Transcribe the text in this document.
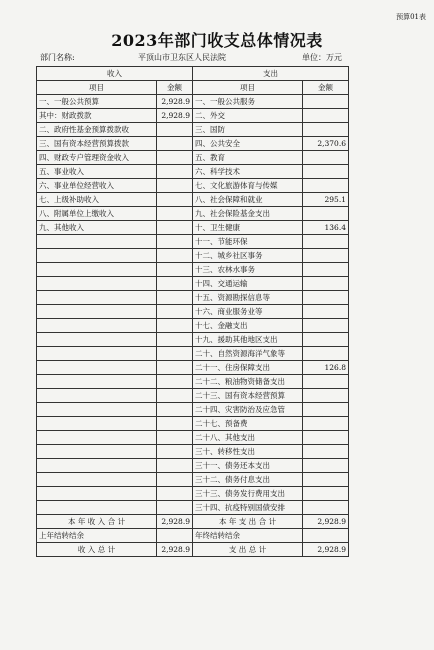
预算01表
2023年部门收支总体情况表
部门名称:	平顶山市卫东区人民法院	单位：万元
收入		支出	
项目	金额	项目	金额
一、一般公共预算	2,928.9	一、一般公共服务	
其中：财政拨款	2,928.9	二、外交	
二、政府性基金预算拨款收		三、国防	
三、国有资本经营预算拨款		四、公共安全	2,370.6
四、财政专户管理资金收入		五、教育	
五、事业收入		六、科学技术	
六、事业单位经营收入		七、文化旅游体育与传媒	
七、上级补助收入		八、社会保障和就业	295.1
八、附属单位上缴收入		九、社会保险基金支出	
九、其他收入		十、卫生健康	136.4
		十一、节能环保	
		十二、城乡社区事务	
		十三、农林水事务	
		十四、交通运输	
		十五、资源勘探信息等	
		十六、商业服务业等	
		十七、金融支出	
		十九、援助其他地区支出	
		二十、自然资源海洋气象等	
		二十一、住房保障支出	126.8
		二十二、粮油物资储备支出	
		二十三、国有资本经营预算	
		二十四、灾害防治及应急管	
		二十七、预备费	
		二十八、其他支出	
		三十、转移性支出	
		三十一、债务还本支出	
		三十二、债务付息支出	
		三十三、债务发行费用支出	
		三十四、抗疫特别国债安排	
本 年 收 入 合 计	2,928.9	本 年 支 出 合 计	2,928.9
上年结转结余		年终结转结余	
收 入 总 计	2,928.9	支 出 总 计	2,928.9
